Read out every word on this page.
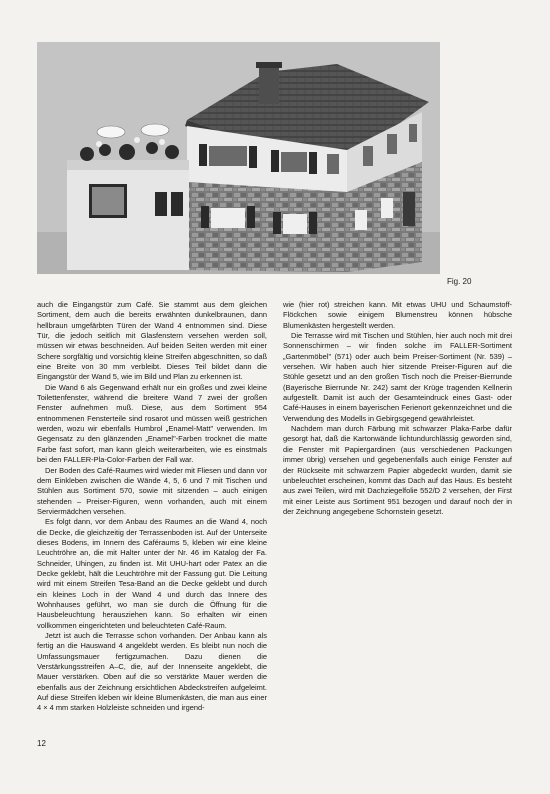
Fig. 20

auch die Eingangstür zum Café. Sie stammt aus dem gleichen Sortiment, dem auch die bereits erwähnten dunkelbraunen, dann hellbraun umgefärbten Türen der Wand 4 entnommen sind. Diese Tür, die jedoch seitlich mit Glasfenstern versehen werden soll, müssen wir etwas beschneiden. Auf beiden Seiten werden mit einer Schere sorgfältig und vorsichtig kleine Streifen abgeschnitten, so daß eine Breite von 30 mm verbleibt. Dieses Teil bildet dann die Eingangstür der Wand 5, wie im Bild und Plan zu erkennen ist.

Die Wand 6 als Gegenwand erhält nur ein großes und zwei kleine Toilettenfenster, während die breitere Wand 7 zwei der großen Fenster aufnehmen muß. Diese, aus dem Sortiment 954 entnommenen Fensterteile sind rosarot und müssen weiß gestrichen werden, wozu wir ebenfalls Humbrol „Enamel-Matt" verwenden. Im Gegensatz zu den glänzenden „Enamel"-Farben trocknet die matte Farbe fast sofort, man kann gleich weiterarbeiten, wie es einstmals bei den FALLER-Pla-Color-Farben der Fall war.

Der Boden des Café-Raumes wird wieder mit Fliesen und dann vor dem Einkleben zwischen die Wände 4, 5, 6 und 7 mit Tischen und Stühlen aus Sortiment 570, sowie mit sitzenden – auch einigen stehenden – Preiser-Figuren, wenn vorhanden, auch mit einem Serviermädchen versehen.

Es folgt dann, vor dem Anbau des Raumes an die Wand 4, noch die Decke, die gleichzeitig der Terrassenboden ist. Auf der Unterseite dieses Bodens, im Innern des Caféraums 5, kleben wir eine kleine Leuchtröhre an, die mit Halter unter der Nr. 46 im Katalog der Fa. Schneider, Uhingen, zu finden ist. Mit UHU-hart oder Patex an die Decke geklebt, hält die Leuchtröhre mit der Fassung gut. Die Leitung wird mit einem Streifen Tesa-Band an die Decke geklebt und durch ein kleines Loch in der Wand 4 und durch das Innere des Wohnhauses geführt, wo man sie durch die Öffnung für die Hausbeleuchtung herausziehen kann. So erhalten wir einen vollkommen eingerichteten und beleuchteten Café-Raum.

Jetzt ist auch die Terrasse schon vorhanden. Der Anbau kann als fertig an die Hauswand 4 angeklebt werden. Es bleibt nun noch die Umfassungsmauer fertigzumachen. Dazu dienen die Verstärkungsstreifen A–C, die, auf der Innenseite angeklebt, die Mauer verstärken. Oben auf die so verstärkte Mauer werden die ebenfalls aus der Zeichnung ersichtlichen Abdeckstreifen aufgeleimt. Auf diese Streifen kleben wir kleine Blumenkästen, die man aus einer 4 × 4 mm starken Holzleiste schneiden und irgend-

wie (hier rot) streichen kann. Mit etwas UHU und Schaumstoff-Flöckchen sowie einigem Blumenstreu können hübsche Blumenkästen hergestellt werden.

Die Terrasse wird mit Tischen und Stühlen, hier auch noch mit drei Sonnenschirmen – wir finden solche im FALLER-Sortiment „Gartenmöbel" (571) oder auch beim Preiser-Sortiment (Nr. 539) – versehen. Wir haben auch hier sitzende Preiser-Figuren auf die Stühle gesetzt und an den großen Tisch noch die Preiser-Bierrunde (Bayerische Bierrunde Nr. 242) samt der Krüge tragenden Kellnerin aufgestellt. Damit ist auch der Gesamteindruck eines Gast- oder Café-Hauses in einem bayerischen Ferienort gekennzeichnet und die Verwendung des Modells in Gebirgsgegend gewährleistet.

Nachdem man durch Färbung mit schwarzer Plaka-Farbe dafür gesorgt hat, daß die Kartonwände lichtundurchlässig geworden sind, die Fenster mit Papiergardinen (aus verschiedenen Packungen immer übrig) versehen und gegebenenfalls auch einige Fenster auf der Rückseite mit schwarzem Papier abgedeckt wurden, damit sie unbeleuchtet erscheinen, kommt das Dach auf das Haus. Es besteht aus zwei Teilen, wird mit Dachziegelfolie 552/D 2 versehen, der First mit einer Leiste aus Sortiment 951 bezogen und darauf noch der in der Zeichnung angegebene Schornstein gesetzt.

12
